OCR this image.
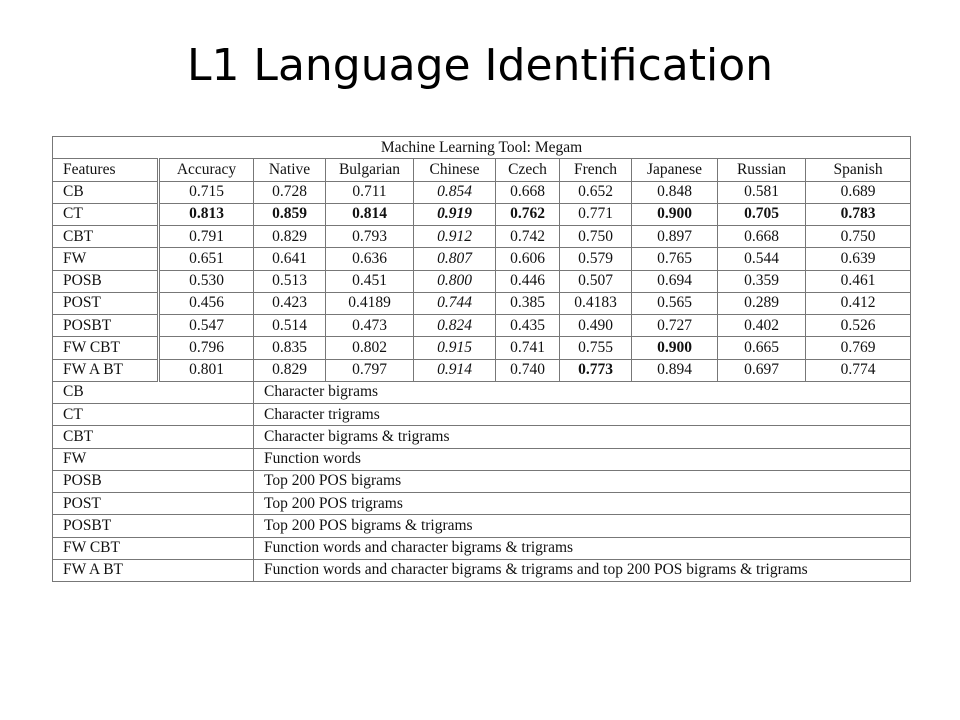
L1 Language Identification
Machine Learning Tool: Megam									
Features	Accuracy	Native	Bulgarian	Chinese	Czech	French	Japanese	Russian	Spanish
CB	0.715	0.728	0.711	0.854	0.668	0.652	0.848	0.581	0.689
CT	0.813	0.859	0.814	0.919	0.762	0.771	0.900	0.705	0.783
CBT	0.791	0.829	0.793	0.912	0.742	0.750	0.897	0.668	0.750
FW	0.651	0.641	0.636	0.807	0.606	0.579	0.765	0.544	0.639
POSB	0.530	0.513	0.451	0.800	0.446	0.507	0.694	0.359	0.461
POST	0.456	0.423	0.4189	0.744	0.385	0.4183	0.565	0.289	0.412
POSBT	0.547	0.514	0.473	0.824	0.435	0.490	0.727	0.402	0.526
FW CBT	0.796	0.835	0.802	0.915	0.741	0.755	0.900	0.665	0.769
FW A BT	0.801	0.829	0.797	0.914	0.740	0.773	0.894	0.697	0.774
CB		Character bigrams							
CT		Character trigrams							
CBT		Character bigrams & trigrams							
FW		Function words							
POSB		Top 200 POS bigrams							
POST		Top 200 POS trigrams							
POSBT		Top 200 POS bigrams & trigrams							
FW CBT		Function words and character bigrams & trigrams							
FW A BT		Function words and character bigrams & trigrams and top 200 POS bigrams & trigrams							
